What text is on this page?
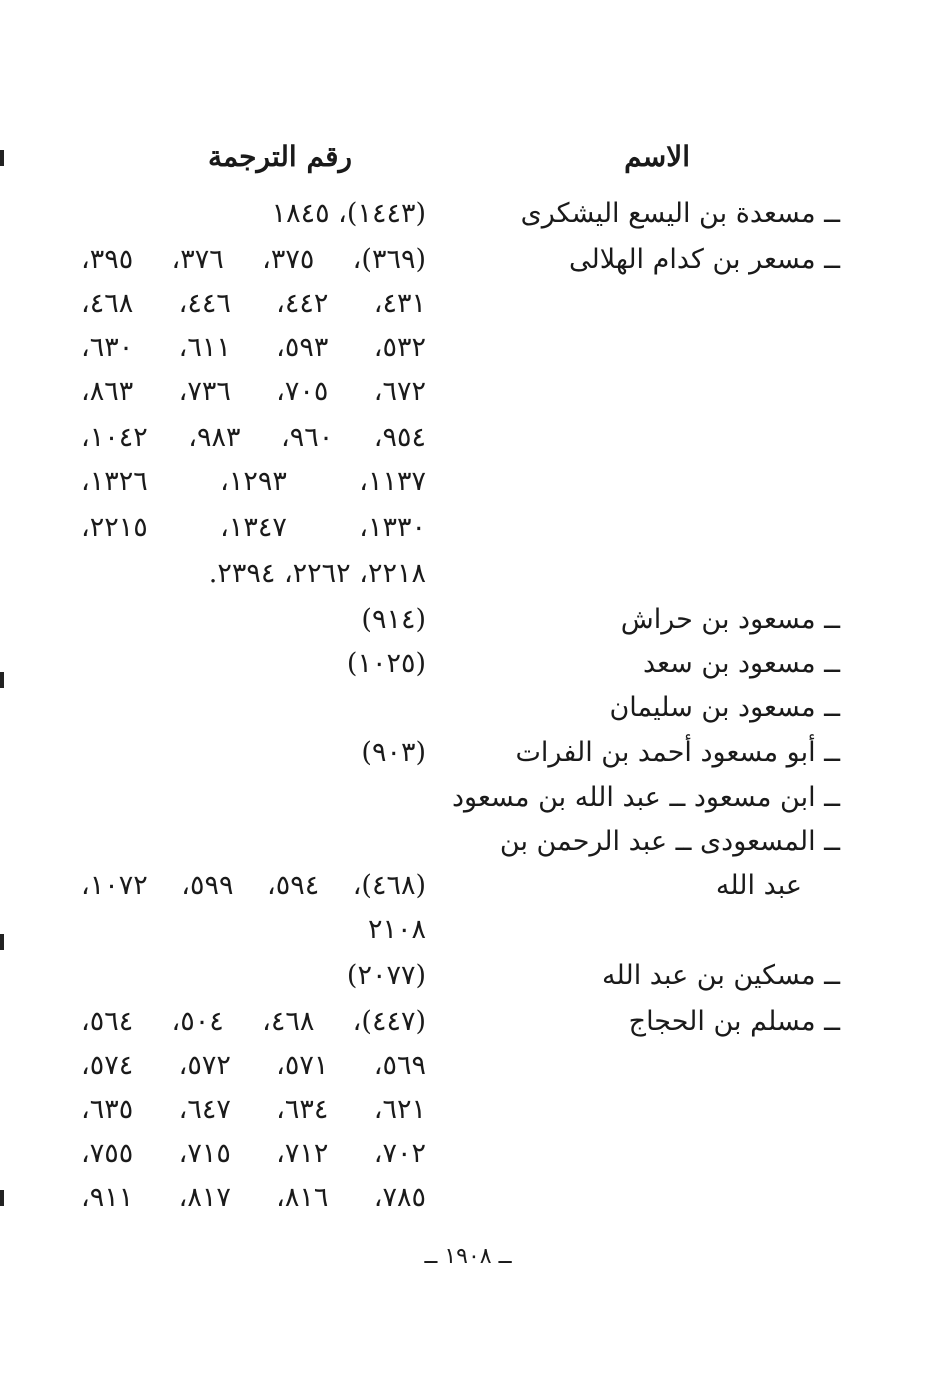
الاسم
رقم الترجمة
ــ مسعدة بن اليسع اليشكرى
ــ مسعر بن كدام الهلالى
ــ مسعود بن حراش
ــ مسعود بن سعد
ــ مسعود بن سليمان
ــ أبو مسعود أحمد بن الفرات
ــ ابن مسعود ــ عبد الله بن مسعود
ــ المسعودى ــ عبد الرحمن بن
عبد الله
ــ مسكين بن عبد الله
ــ مسلم بن الحجاج
(١٤٤٣)، ١٨٤٥
(٣٦٩)، ٣٧٥، ٣٧٦، ٣٩٥،
٤٣١، ٤٤٢، ٤٤٦، ٤٦٨،
٥٣٢، ٥٩٣، ٦١١، ٦٣٠،
٦٧٢، ٧٠٥، ٧٣٦، ٨٦٣،
٩٥٤، ٩٦٠، ٩٨٣، ١٠٤٢،
١١٣٧، ١٢٩٣، ١٣٢٦،
١٣٣٠، ١٣٤٧، ٢٢١٥،
٢٢١٨، ٢٢٦٢، ٢٣٩٤.
(٩١٤)
(١٠٢٥)
(٩٠٣)
(٤٦٨)، ٥٩٤، ٥٩٩، ١٠٧٢،
٢١٠٨
(٢٠٧٧)
(٤٤٧)، ٤٦٨، ٥٠٤، ٥٦٤،
٥٦٩، ٥٧١، ٥٧٢، ٥٧٤،
٦٢١، ٦٣٤، ٦٤٧، ٦٣٥،
٧٠٢، ٧١٢، ٧١٥، ٧٥٥،
٧٨٥، ٨١٦، ٨١٧، ٩١١،
ــ ١٩٠٨ ــ
